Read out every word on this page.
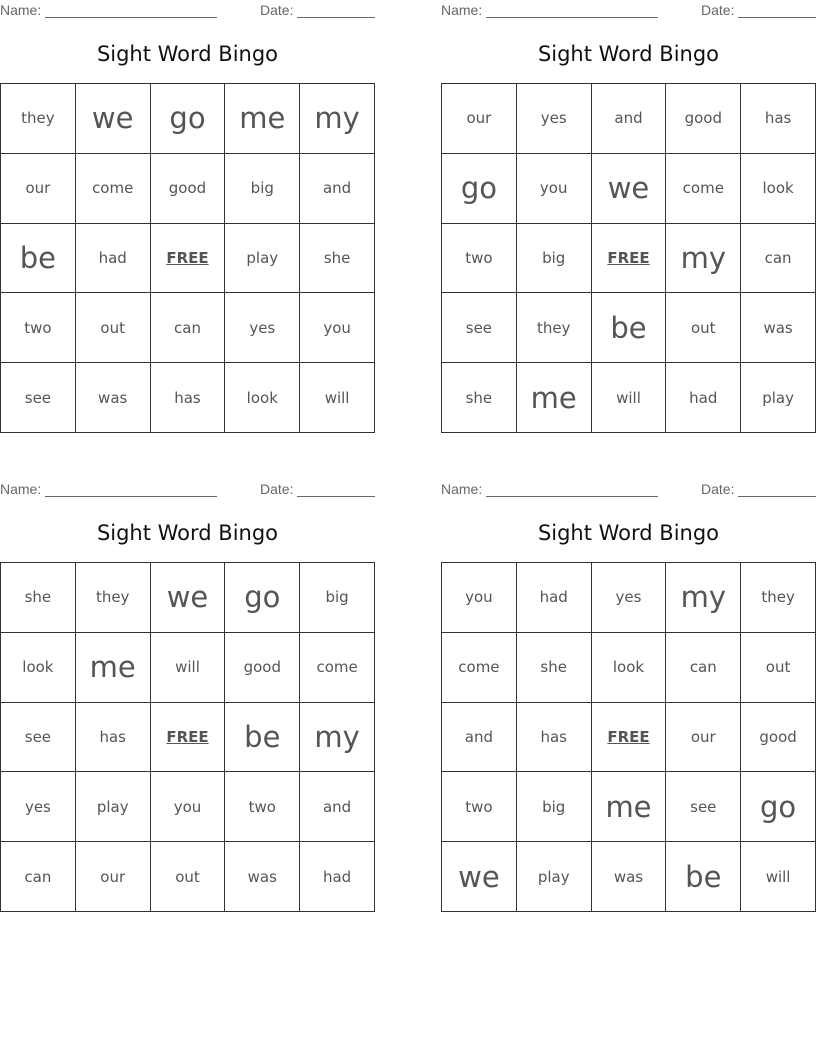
Name:	Date:
Sight Word Bingo
they	we	go	me	my
our	come	good	big	and
be	had	FREE	play	she
two	out	can	yes	you
see	was	has	look	will
Name:	Date:
Sight Word Bingo
our	yes	and	good	has
go	you	we	come	look
two	big	FREE	my	can
see	they	be	out	was
she	me	will	had	play
Name:	Date:
Sight Word Bingo
she	they	we	go	big
look	me	will	good	come
see	has	FREE	be	my
yes	play	you	two	and
can	our	out	was	had
Name:	Date:
Sight Word Bingo
you	had	yes	my	they
come	she	look	can	out
and	has	FREE	our	good
two	big	me	see	go
we	play	was	be	will
